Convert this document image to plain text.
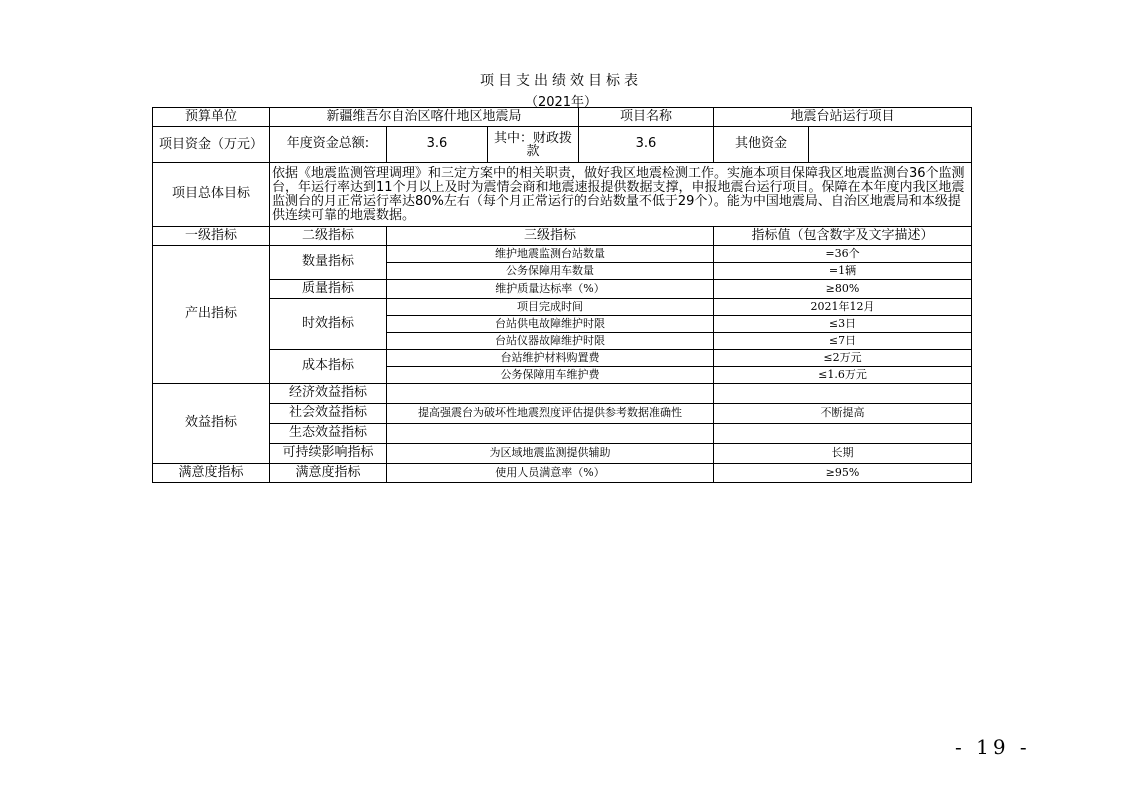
项目支出绩效目标表
（2021年）
预算单位	新疆维吾尔自治区喀什地区地震局			项目名称	地震台站运行项目	
项目资金（万元）	年度资金总额:	3.6	其中：财政拨款	3.6	其他资金	
项目总体目标	依据《地震监测管理调理》和三定方案中的相关职责，做好我区地震检测工作。实施本项目保障我区地震监测台36个监测台，年运行率达到11个月以上及时为震情会商和地震速报提供数据支撑，申报地震台运行项目。保障在本年度内我区地震监测台的月正常运行率达80%左右（每个月正常运行的台站数量不低于29个）。能为中国地震局、自治区地震局和本级提供连续可靠的地震数据。					
一级指标	二级指标	三级指标			指标值（包含数字及文字描述）	
产出指标	数量指标	维护地震监测台站数量			=36个	
		公务保障用车数量			=1辆	
	质量指标	维护质量达标率（%）			≥80%	
	时效指标	项目完成时间			2021年12月	
		台站供电故障维护时限			≤3日	
		台站仪器故障维护时限			≤7日	
	成本指标	台站维护材料购置费			≤2万元	
		公务保障用车维护费			≤1.6万元	
效益指标	经济效益指标					
	社会效益指标	提高强震台为破坏性地震烈度评估提供参考数据准确性			不断提高	
	生态效益指标					
	可持续影响指标	为区域地震监测提供辅助			长期	
满意度指标	满意度指标	使用人员满意率（%）			≥95%	
- 19 -
